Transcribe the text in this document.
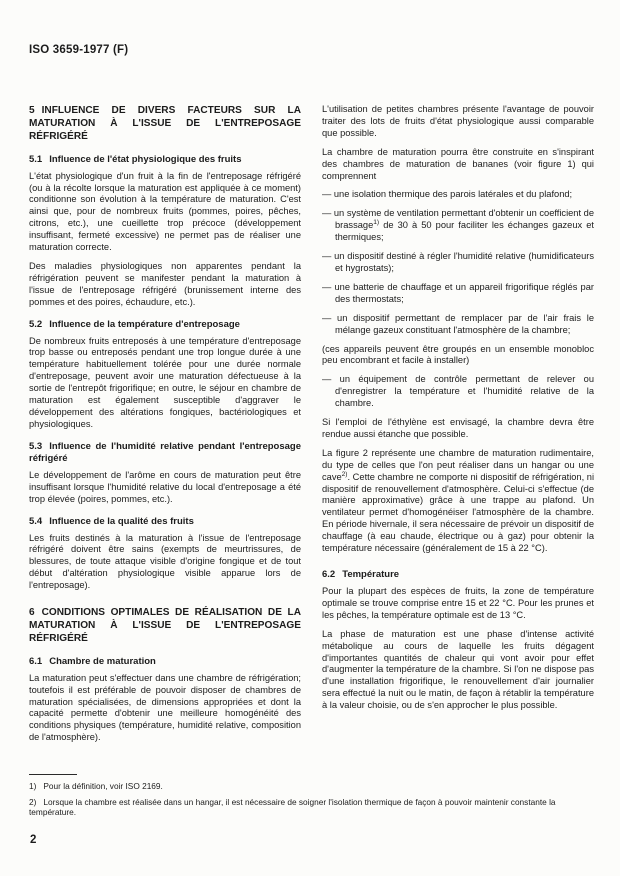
ISO 3659-1977 (F)
5 INFLUENCE DE DIVERS FACTEURS SUR LA MATURATION À L'ISSUE DE L'ENTREPOSAGE RÉFRIGÉRÉ
5.1 Influence de l'état physiologique des fruits

L'état physiologique d'un fruit à la fin de l'entreposage réfrigéré (ou à la récolte lorsque la maturation est appliquée à ce moment) conditionne son évolution à la température de maturation. C'est ainsi que, pour de nombreux fruits (pommes, poires, pêches, citrons, etc.), une cueillette trop précoce (développement insuffisant, fermeté excessive) ne permet pas de réaliser une maturation correcte.

Des maladies physiologiques non apparentes pendant la réfrigération peuvent se manifester pendant la maturation à l'issue de l'entreposage réfrigéré (brunissement interne des pommes et des poires, échaudure, etc.).

5.2 Influence de la température d'entreposage

De nombreux fruits entreposés à une température d'entreposage trop basse ou entreposés pendant une trop longue durée à une température habituellement tolérée pour une durée normale d'entreposage, peuvent avoir une maturation défectueuse à la sortie de l'entrepôt frigorifique; en outre, le séjour en chambre de maturation est également susceptible d'aggraver le développement des altérations fongiques, bactériologiques et physiologiques.

5.3 Influence de l'humidité relative pendant l'entreposage réfrigéré

Le développement de l'arôme en cours de maturation peut être insuffisant lorsque l'humidité relative du local d'entreposage a été trop élevée (poires, pommes, etc.).

5.4 Influence de la qualité des fruits

Les fruits destinés à la maturation à l'issue de l'entreposage réfrigéré doivent être sains (exempts de meurtrissures, de blessures, de toute attaque visible d'origine fongique et de tout début d'altération physiologique visible apparue lors de l'entreposage).

6 CONDITIONS OPTIMALES DE RÉALISATION DE LA MATURATION À L'ISSUE DE L'ENTREPOSAGE RÉFRIGÉRÉ
6.1 Chambre de maturation

La maturation peut s'effectuer dans une chambre de réfrigération; toutefois il est préférable de pouvoir disposer de chambres de maturation spécialisées, de dimensions appropriées et dont la capacité permette d'obtenir une meilleure homogénéité des conditions physiques (température, humidité relative, composition de l'atmosphère).

L'utilisation de petites chambres présente l'avantage de pouvoir traiter des lots de fruits d'état physiologique aussi comparable que possible.

La chambre de maturation pourra être construite en s'inspirant des chambres de maturation de bananes (voir figure 1) qui comprennent

— une isolation thermique des parois latérales et du plafond;

— un système de ventilation permettant d'obtenir un coefficient de brassage$^{1)}$ de 30 à 50 pour faciliter les échanges gazeux et thermiques;

— un dispositif destiné à régler l'humidité relative (humidificateurs et hygrostats);

— une batterie de chauffage et un appareil frigorifique réglés par des thermostats;

— un dispositif permettant de remplacer par de l'air frais le mélange gazeux constituant l'atmosphère de la chambre;

(ces appareils peuvent être groupés en un ensemble monobloc peu encombrant et facile à installer)

— un équipement de contrôle permettant de relever ou d'enregistrer la température et l'humidité relative de la chambre.

Si l'emploi de l'éthylène est envisagé, la chambre devra être rendue aussi étanche que possible.

La figure 2 représente une chambre de maturation rudimentaire, du type de celles que l'on peut réaliser dans un hangar ou une cave$^{2)}$. Cette chambre ne comporte ni dispositif de réfrigération, ni dispositif de renouvellement d'atmosphère. Celui-ci s'effectue (de manière approximative) grâce à une trappe au plafond. Un ventilateur permet d'homogénéiser l'atmosphère de la chambre. En période hivernale, il sera nécessaire de prévoir un dispositif de chauffage (à eau chaude, électrique ou à gaz) pour obtenir la température nécessaire (généralement de 15 à 22 °C).

6.2 Température

Pour la plupart des espèces de fruits, la zone de température optimale se trouve comprise entre 15 et 22 °C. Pour les prunes et les pêches, la température optimale est de 13 °C.

La phase de maturation est une phase d'intense activité métabolique au cours de laquelle les fruits dégagent d'importantes quantités de chaleur qui vont avoir pour effet d'augmenter la température de la chambre. Si l'on ne dispose pas d'une installation frigorifique, le renouvellement d'air journalier sera effectué la nuit ou le matin, de façon à rétablir la température à la valeur choisie, ou de s'en approcher le plus possible.

1) Pour la définition, voir ISO 2169.

2) Lorsque la chambre est réalisée dans un hangar, il est nécessaire de soigner l'isolation thermique de façon à pouvoir maintenir constante la température.

2
